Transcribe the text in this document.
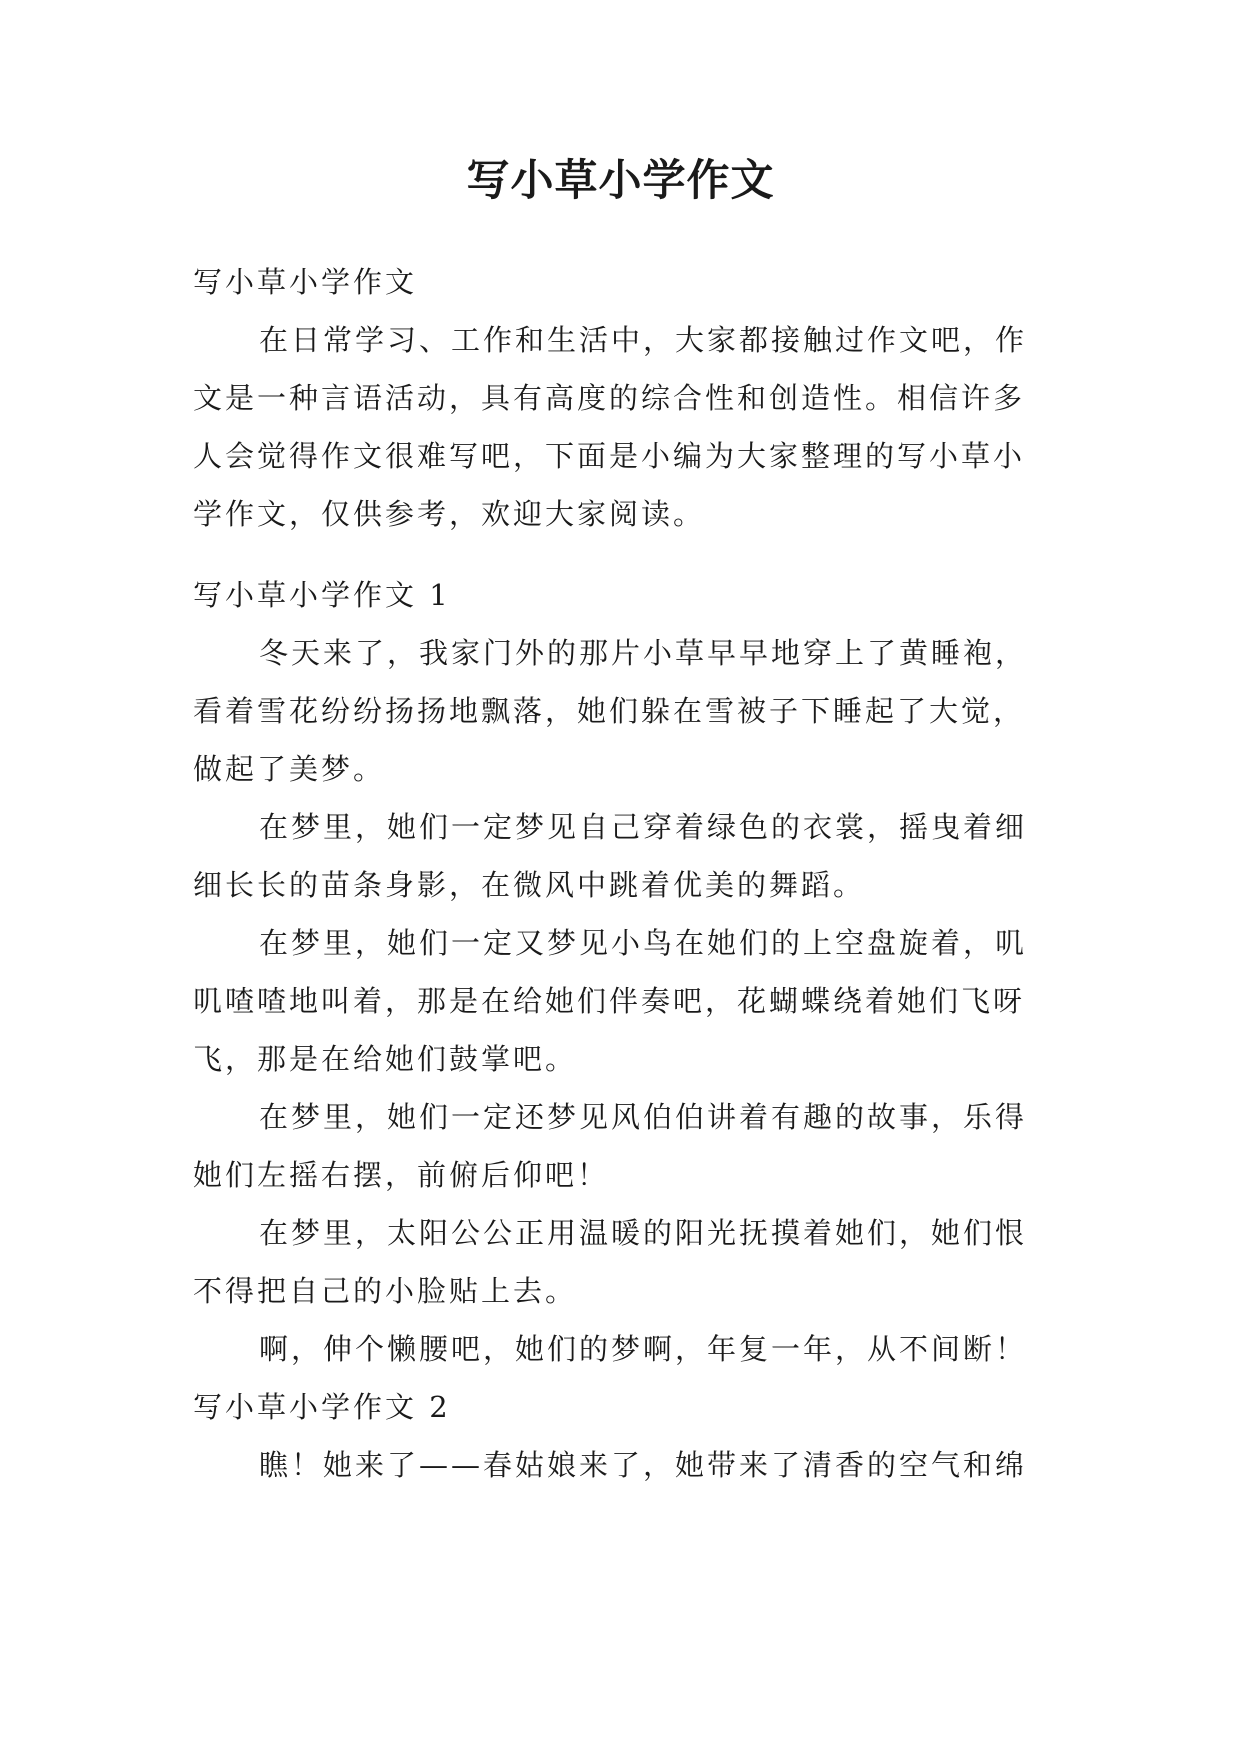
写小草小学作文
写小草小学作文
在日常学习、工作和生活中，大家都接触过作文吧，作
文是一种言语活动，具有高度的综合性和创造性。相信许多
人会觉得作文很难写吧，下面是小编为大家整理的写小草小
学作文，仅供参考，欢迎大家阅读。
写小草小学作文 1
冬天来了，我家门外的那片小草早早地穿上了黄睡袍，
看着雪花纷纷扬扬地飘落，她们躲在雪被子下睡起了大觉，
做起了美梦。
在梦里，她们一定梦见自己穿着绿色的衣裳，摇曳着细
细长长的苗条身影，在微风中跳着优美的舞蹈。
在梦里，她们一定又梦见小鸟在她们的上空盘旋着，叽
叽喳喳地叫着，那是在给她们伴奏吧，花蝴蝶绕着她们飞呀
飞，那是在给她们鼓掌吧。
在梦里，她们一定还梦见风伯伯讲着有趣的故事，乐得
她们左摇右摆，前俯后仰吧！
在梦里，太阳公公正用温暖的阳光抚摸着她们，她们恨
不得把自己的小脸贴上去。
啊，伸个懒腰吧，她们的梦啊，年复一年，从不间断！
写小草小学作文 2
瞧！她来了——春姑娘来了，她带来了清香的空气和绵
